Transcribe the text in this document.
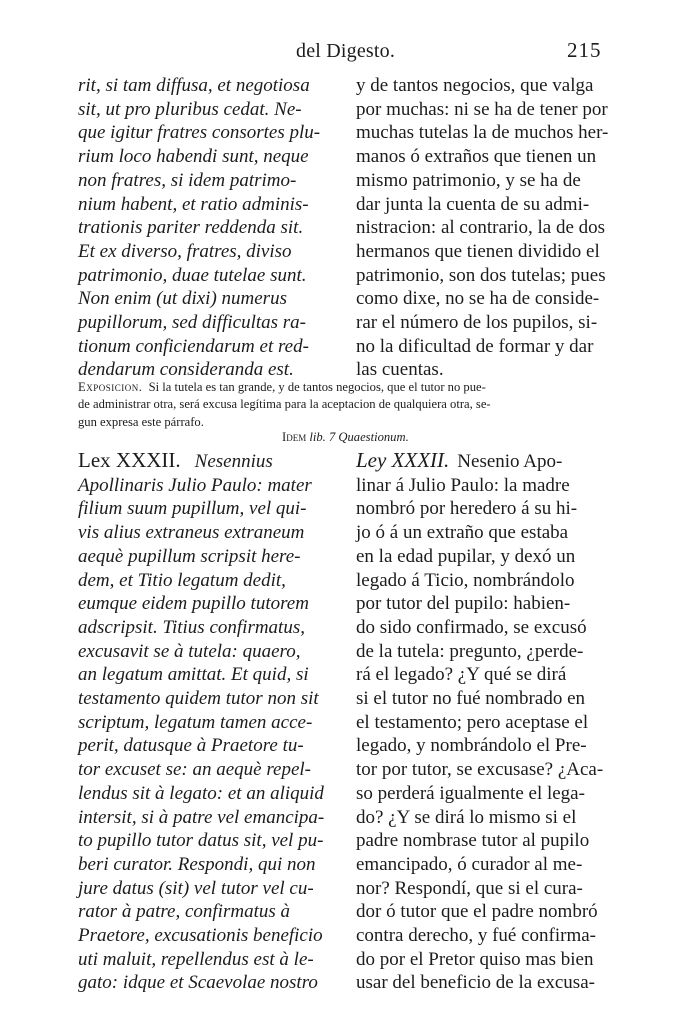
del Digesto.	215
rit, si tam diffusa, et negotiosa
sit, ut pro pluribus cedat. Ne-
que igitur fratres consortes plu-
rium loco habendi sunt, neque
non fratres, si idem patrimo-
nium habent, et ratio adminis-
trationis pariter reddenda sit.
Et ex diverso, fratres, diviso
patrimonio, duae tutelae sunt.
Non enim (ut dixi) numerus
pupillorum, sed difficultas ra-
tionum conficiendarum et red-
dendarum consideranda est.
y de tantos negocios, que valga
por muchas: ni se ha de tener por
muchas tutelas la de muchos her-
manos ó extraños que tienen un
mismo patrimonio, y se ha de
dar junta la cuenta de su admi-
nistracion: al contrario, la de dos
hermanos que tienen dividido el
patrimonio, son dos tutelas; pues
como dixe, no se ha de conside-
rar el número de los pupilos, si-
no la dificultad de formar y dar
las cuentas.
Exposicion. Si la tutela es tan grande, y de tantos negocios, que el tutor no pue-
de administrar otra, será excusa legítima para la aceptacion de qualquiera otra, se-
gun expresa este párrafo.
Idem lib. 7 Quaestionum.
Lex XXXII. Nesennius
Apollinaris Julio Paulo: mater
filium suum pupillum, vel qui-
vis alius extraneus extraneum
aequè pupillum scripsit here-
dem, et Titio legatum dedit,
eumque eidem pupillo tutorem
adscripsit. Titius confirmatus,
excusavit se à tutela: quaero,
an legatum amittat. Et quid, si
testamento quidem tutor non sit
scriptum, legatum tamen acce-
perit, datusque à Praetore tu-
tor excuset se: an aequè repel-
lendus sit à legato: et an aliquid
intersit, si à patre vel emancipa-
to pupillo tutor datus sit, vel pu-
beri curator. Respondi, qui non
jure datus (sit) vel tutor vel cu-
rator à patre, confirmatus à
Praetore, excusationis beneficio
uti maluit, repellendus est à le-
gato: idque et Scaevolae nostro
Ley XXXII. Nesenio Apo-
linar á Julio Paulo: la madre
nombró por heredero á su hi-
jo ó á un extraño que estaba
en la edad pupilar, y dexó un
legado á Ticio, nombrándolo
por tutor del pupilo: habien-
do sido confirmado, se excusó
de la tutela: pregunto, ¿perde-
rá el legado? ¿Y qué se dirá
si el tutor no fué nombrado en
el testamento; pero aceptase el
legado, y nombrándolo el Pre-
tor por tutor, se excusase? ¿Aca-
so perderá igualmente el lega-
do? ¿Y se dirá lo mismo si el
padre nombrase tutor al pupilo
emancipado, ó curador al me-
nor? Respondí, que si el cura-
dor ó tutor que el padre nombró
contra derecho, y fué confirma-
do por el Pretor quiso mas bien
usar del beneficio de la excusa-
